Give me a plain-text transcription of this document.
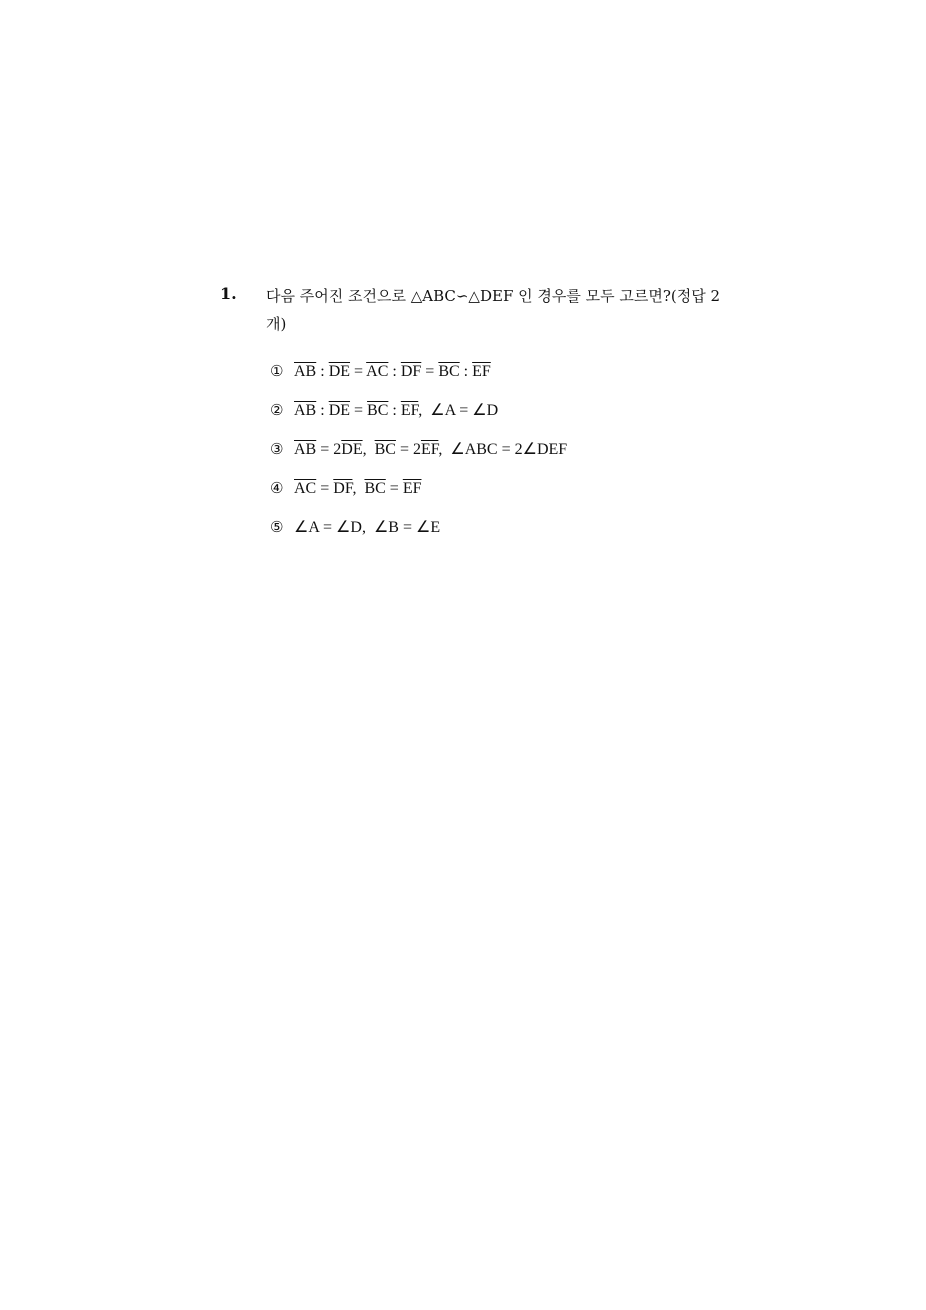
1. 다음 주어진 조건으로 △ABC∽△DEF 인 경우를 모두 고르면?(정답 2
개)
① $\overline{AB}$ : $\overline{DE} = \overline{AC}$ : $\overline{DF} = \overline{BC}$ : $\overline{EF}$
② $\overline{AB}$ : $\overline{DE} = \overline{BC}$ : $\overline{EF}$,  ∠A = ∠D
③ $\overline{AB} = 2\overline{DE}$,  $\overline{BC} = 2\overline{EF}$,  ∠ABC = 2∠DEF
④ $\overline{AC} = \overline{DF}$,  $\overline{BC} = \overline{EF}$
⑤ ∠A = ∠D,  ∠B = ∠E
